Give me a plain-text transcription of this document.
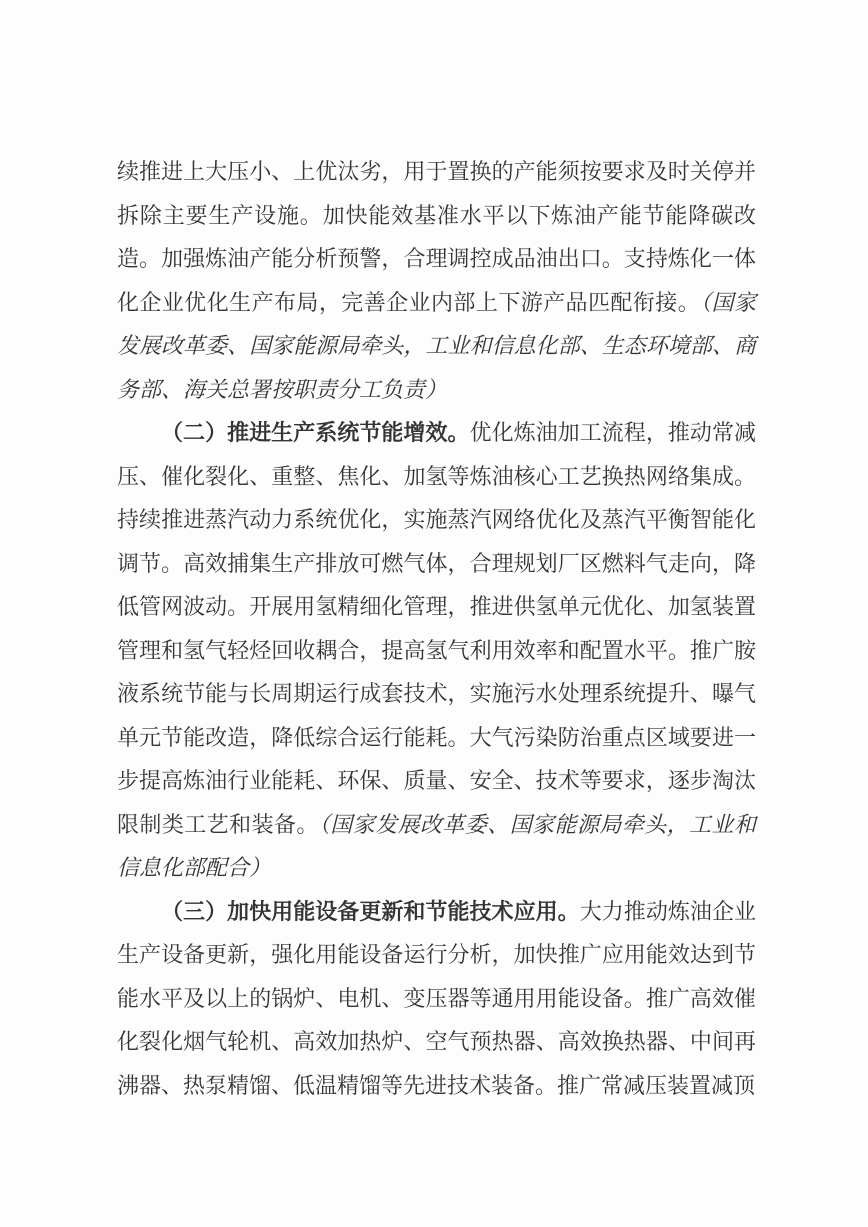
续推进上大压小、上优汰劣，用于置换的产能须按要求及时关停并拆除主要生产设施。加快能效基准水平以下炼油产能节能降碳改造。加强炼油产能分析预警，合理调控成品油出口。支持炼化一体化企业优化生产布局，完善企业内部上下游产品匹配衔接。（国家发展改革委、国家能源局牵头，工业和信息化部、生态环境部、商务部、海关总署按职责分工负责）

（二）推进生产系统节能增效。优化炼油加工流程，推动常减压、催化裂化、重整、焦化、加氢等炼油核心工艺换热网络集成。持续推进蒸汽动力系统优化，实施蒸汽网络优化及蒸汽平衡智能化调节。高效捕集生产排放可燃气体，合理规划厂区燃料气走向，降低管网波动。开展用氢精细化管理，推进供氢单元优化、加氢装置管理和氢气轻烃回收耦合，提高氢气利用效率和配置水平。推广胺液系统节能与长周期运行成套技术，实施污水处理系统提升、曝气单元节能改造，降低综合运行能耗。大气污染防治重点区域要进一步提高炼油行业能耗、环保、质量、安全、技术等要求，逐步淘汰限制类工艺和装备。（国家发展改革委、国家能源局牵头，工业和信息化部配合）

（三）加快用能设备更新和节能技术应用。大力推动炼油企业生产设备更新，强化用能设备运行分析，加快推广应用能效达到节能水平及以上的锅炉、电机、变压器等通用用能设备。推广高效催化裂化烟气轮机、高效加热炉、空气预热器、高效换热器、中间再沸器、热泵精馏、低温精馏等先进技术装备。推广常减压装置减顶
